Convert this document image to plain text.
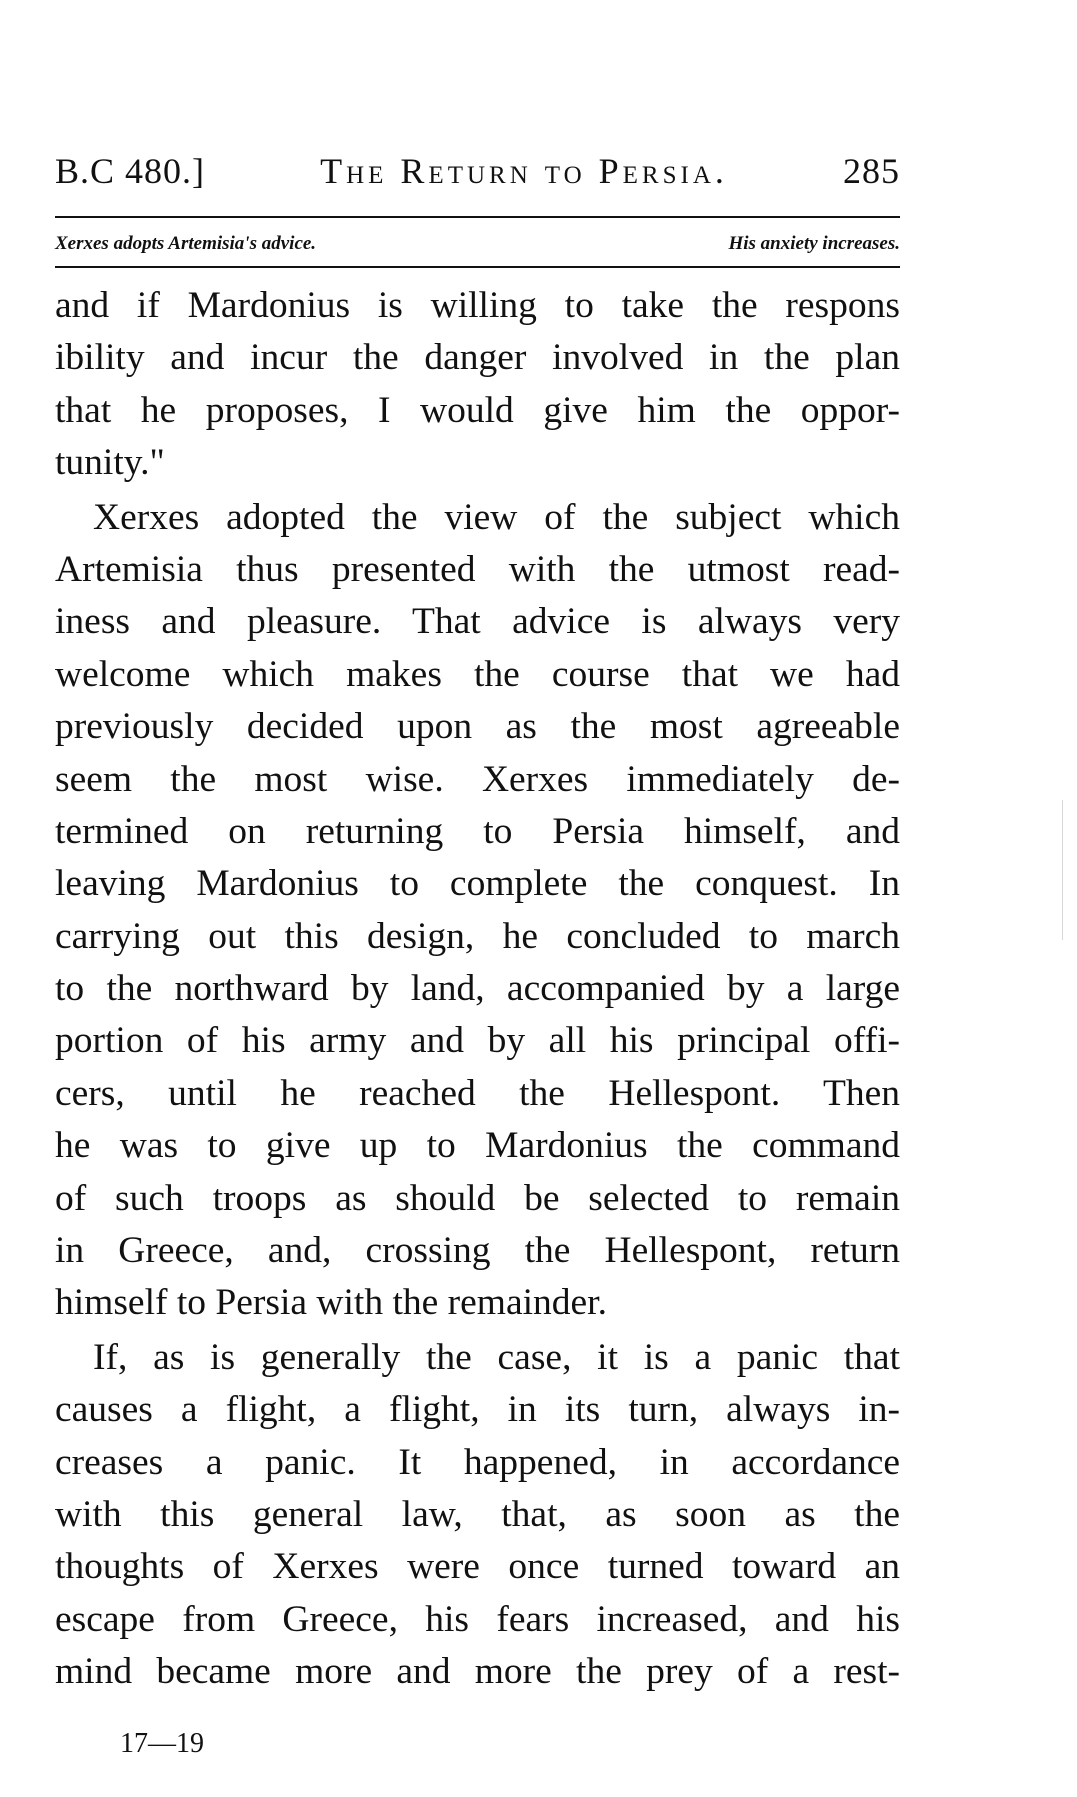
B.C 480.]	The Return to Persia.	285
Xerxes adopts Artemisia's advice.	His anxiety increases.
and if Mardonius is willing to take the respons
ibility and incur the danger involved in the plan
that he proposes, I would give him the oppor-
tunity."
Xerxes adopted the view of the subject which
Artemisia thus presented with the utmost read-
iness and pleasure. That advice is always very
welcome which makes the course that we had
previously decided upon as the most agreeable
seem the most wise. Xerxes immediately de-
termined on returning to Persia himself, and
leaving Mardonius to complete the conquest. In
carrying out this design, he concluded to march
to the northward by land, accompanied by a large
portion of his army and by all his principal offi-
cers, until he reached the Hellespont. Then
he was to give up to Mardonius the command
of such troops as should be selected to remain
in Greece, and, crossing the Hellespont, return
himself to Persia with the remainder.
If, as is generally the case, it is a panic that
causes a flight, a flight, in its turn, always in-
creases a panic. It happened, in accordance
with this general law, that, as soon as the
thoughts of Xerxes were once turned toward an
escape from Greece, his fears increased, and his
mind became more and more the prey of a rest-
17—19
